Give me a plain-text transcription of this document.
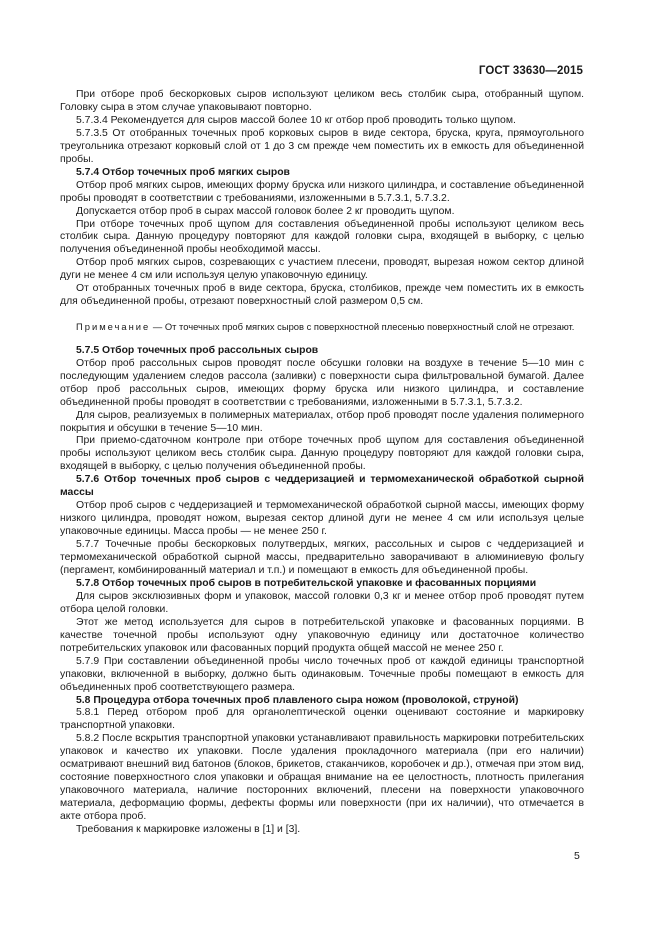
ГОСТ 33630—2015

При отборе проб бескорковых сыров используют целиком весь столбик сыра, отобранный щупом. Головку сыра в этом случае упаковывают повторно.

5.7.3.4 Рекомендуется для сыров массой более 10 кг отбор проб проводить только щупом.

5.7.3.5 От отобранных точечных проб корковых сыров в виде сектора, бруска, круга, прямоугольного треугольника отрезают корковый слой от 1 до 3 см прежде чем поместить их в емкость для объединенной пробы.

5.7.4 Отбор точечных проб мягких сыров

Отбор проб мягких сыров, имеющих форму бруска или низкого цилиндра, и составление объединенной пробы проводят в соответствии с требованиями, изложенными в 5.7.3.1, 5.7.3.2.

Допускается отбор проб в сырах массой головок более 2 кг проводить щупом.

При отборе точечных проб щупом для составления объединенной пробы используют целиком весь столбик сыра. Данную процедуру повторяют для каждой головки сыра, входящей в выборку, с целью получения объединенной пробы необходимой массы.

Отбор проб мягких сыров, созревающих с участием плесени, проводят, вырезая ножом сектор длиной дуги не менее 4 см или используя целую упаковочную единицу.

От отобранных точечных проб в виде сектора, бруска, столбиков, прежде чем поместить их в емкость для объединенной пробы, отрезают поверхностный слой размером 0,5 см.

Примечание — От точечных проб мягких сыров с поверхностной плесенью поверхностный слой не отрезают.

5.7.5 Отбор точечных проб рассольных сыров

Отбор проб рассольных сыров проводят после обсушки головки на воздухе в течение 5—10 мин с последующим удалением следов рассола (заливки) с поверхности сыра фильтровальной бумагой. Далее отбор проб рассольных сыров, имеющих форму бруска или низкого цилиндра, и составление объединенной пробы проводят в соответствии с требованиями, изложенными в 5.7.3.1, 5.7.3.2.

Для сыров, реализуемых в полимерных материалах, отбор проб проводят после удаления полимерного покрытия и обсушки в течение 5—10 мин.

При приемо-сдаточном контроле при отборе точечных проб щупом для составления объединенной пробы используют целиком весь столбик сыра. Данную процедуру повторяют для каждой головки сыра, входящей в выборку, с целью получения объединенной пробы.

5.7.6 Отбор точечных проб сыров с чеддеризацией и термомеханической обработкой сырной массы

Отбор проб сыров с чеддеризацией и термомеханической обработкой сырной массы, имеющих форму низкого цилиндра, проводят ножом, вырезая сектор длиной дуги не менее 4 см или используя целые упаковочные единицы. Масса пробы — не менее 250 г.

5.7.7 Точечные пробы бескорковых полутвердых, мягких, рассольных и сыров с чеддеризацией и термомеханической обработкой сырной массы, предварительно заворачивают в алюминиевую фольгу (пергамент, комбинированный материал и т.п.) и помещают в емкость для объединенной пробы.

5.7.8 Отбор точечных проб сыров в потребительской упаковке и фасованных порциями

Для сыров эксклюзивных форм и упаковок, массой головки 0,3 кг и менее отбор проб проводят путем отбора целой головки.

Этот же метод используется для сыров в потребительской упаковке и фасованных порциями. В качестве точечной пробы используют одну упаковочную единицу или достаточное количество потребительских упаковок или фасованных порций продукта общей массой не менее 250 г.

5.7.9 При составлении объединенной пробы число точечных проб от каждой единицы транспортной упаковки, включенной в выборку, должно быть одинаковым. Точечные пробы помещают в емкость для объединенных проб соответствующего размера.

5.8 Процедура отбора точечных проб плавленого сыра ножом (проволокой, струной)

5.8.1 Перед отбором проб для органолептической оценки оценивают состояние и маркировку транспортной упаковки.

5.8.2 После вскрытия транспортной упаковки устанавливают правильность маркировки потребительских упаковок и качество их упаковки. После удаления прокладочного материала (при его наличии) осматривают внешний вид батонов (блоков, брикетов, стаканчиков, коробочек и др.), отмечая при этом вид, состояние поверхностного слоя упаковки и обращая внимание на ее целостность, плотность прилегания упаковочного материала, наличие посторонних включений, плесени на поверхности упаковочного материала, деформацию формы, дефекты формы или поверхности (при их наличии), что отмечается в акте отбора проб.

Требования к маркировке изложены в [1] и [3].

5
